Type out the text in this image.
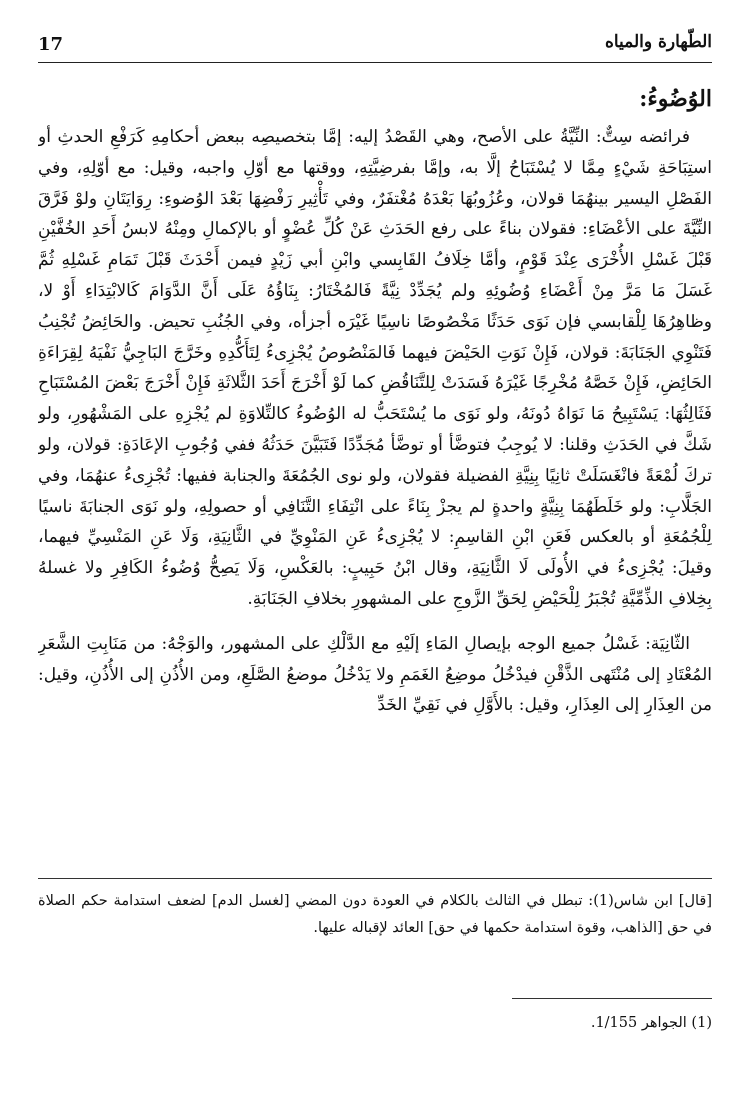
17	الطّهارة والمياه
الوُضُوءُ:

فرائضه سِتٌّ: النِّيَّةُ على الأصح، وهي القَصْدُ إليه: إمَّا بتخصيصِه ببعض أحكامِهِ كَرَفْعِ الحدثِ أو استِبَاحَةِ شَيْءٍ مِمَّا لا يُسْتَبَاحُ إلَّا به، وإمَّا بفرضِيَّتِهِ، ووقتها مع أوّلِ واجبه، وقيل: مع أوّلِهِ، وفي الفَصْلِ اليسير بينهُمَا قولان، وعُزُوبُهَا بَعْدَهُ مُغْتفَرٌ، وفي تَأْثِيرِ رَفْضِهَا بَعْدَ الوُضوءِ: رِوَايَتَانِ ولوْ فَرَّقَ النِّيَّةَ على الأعْضَاءِ: فقولان بناءً على رفع الحَدَثِ عَنْ كُلِّ عُضْوٍ أو بالإكمالِ ومِنْهُ لابسُ أَحَدِ الخُفَّيْنِ قَبْلَ غَسْلِ الأُخْرَى عِنْدَ قَوْمٍ، وأمَّا خِلَافُ القَابِسي وابْنِ أبي زَيْدٍ فيمن أَحْدَثَ قَبْلَ تَمَامِ غَسْلِهِ ثُمَّ غَسَلَ مَا مَرَّ مِنْ أَعْضَاءِ وُضُوئِهِ ولم يُجَدِّدْ نِيَّةً فَالمُخْتَارُ: بِنَاؤُهُ عَلَى أَنَّ الدَّوَامَ كَالابْتِدَاءِ أَوْ لا، وظاهِرُهَا لِلْقابسي فإن نَوَى حَدَثًا مَخْصُوصًا ناسِيًا غَيْرَه أجزأه، وفي الجُنُبِ تحيض. والحَائِضُ تُجْنِبُ فَتَنْوِي الجَنَابَةَ: قولان، فَإِنْ نَوَتِ الحَيْضَ فيهما فَالمَنْصُوصُ يُجْزِىءُ لِتَأَكُّدِهِ وخَرَّجَ البَاجِيُّ نَفْيَهُ لِقِرَاءَةِ الحَائِضِ، فَإِنْ خَصَّهُ مُخْرِجًا غَيْرَهُ فَسَدَتْ لِلتَّنَاقُضِ كما لَوْ أَخْرَجَ أَحَدَ الثَّلاثَةِ فَإِنْ أَخْرَجَ بَعْضَ المُسْتَبَاحِ فَثَالِثُهَا: يَسْتَبِيحُ مَا نَوَاهُ دُونَهُ، ولو نَوَى ما يُسْتَحَبُّ له الوُضُوءُ كالتِّلاوَةِ لم يُجْزِهِ على المَشْهُورِ، ولو شَكَّ في الحَدَثِ وقلنا: لا يُوجِبُ فتوضَّأ أو توضَّأ مُجَدِّدًا فَتَبَيَّنَ حَدَثُهُ ففي وُجُوبِ الإعَادَةِ: قولان، ولو تركَ لُمْعَةً فانْغَسَلَتْ ثانِيًا بِنِيَّةِ الفضيلة فقولان، ولو نوى الجُمُعَةَ والجنابة ففيها: تُجْزِىءُ عنهُمَا، وفي الجَلَّابِ: ولو خَلَطَهُمَا بِنِيَّةٍ واحدةٍ لم يجزْ بِنَاءً على انْتِفَاءِ التَّنَافِي أو حصولِهِ، ولو نَوَى الجنابَةَ ناسيًا لِلْجُمُعَةِ أو بالعكس فَعَنِ ابْنِ القاسِمِ: لا يُجْزِىءُ عَنِ المَنْوِيِّ في الثَّانِيَةِ، وَلَا عَنِ المَنْسِيِّ فيهما، وقيلَ: يُجْزِىءُ في الأُولَى لَا الثَّانِيَةِ، وقال ابْنُ حَبِيبٍ: بالعَكْسِ، وَلَا يَصِحُّ وُضُوءُ الكَافِرِ ولا غسلهُ بِخِلافِ الذِّمِّيَّةِ تُجْبَرُ لِلْحَيْضِ لِحَقِّ الزَّوجِ على المشهورِ بخلافِ الجَنَابَةِ.

الثّانِيَة: غَسْلُ جميع الوجه بإيصالِ المَاءِ إلَيْهِ مع الدَّلْكِ على المشهور، والوَجْهُ: من مَنَابِتِ الشَّعَرِ المُعْتَادِ إلى مُنْتَهى الذَّقْنِ فيدْخُلُ موضِعُ الغَمَمِ ولا يَدْخُلُ موضعُ الصَّلَعِ، ومن الأُذُنِ إلى الأُذُنِ، وقيل: من العِذَارِ إلى العِذَارِ، وقيل: بالأَوَّلِ في نَقِيِّ الخَدِّ

[قال] ابن شاس(1): تبطل في الثالث بالكلام في العودة دون المضي [لغسل الدم] لضعف استدامة حكم الصلاة في حق [الذاهب، وقوة استدامة حكمها في حق] العائد لإقباله عليها.
(1) الجواهر 1/155.
